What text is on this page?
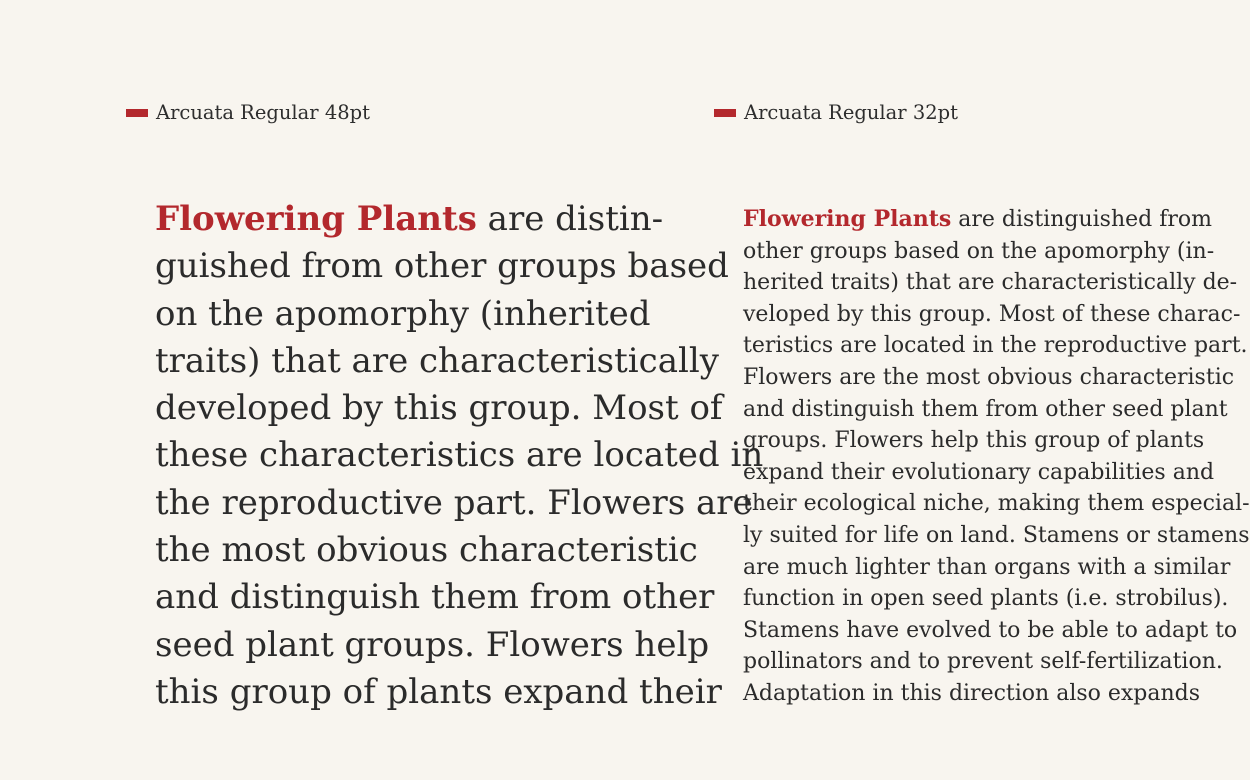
Arcuata Regular 48pt	Arcuata Regular 32pt
Flowering Plants are distin-
guished from other groups based
on the apomorphy (inherited
traits) that are characteristically
developed by this group. Most of
these characteristics are located in
the reproductive part. Flowers are
the most obvious characteristic
and distinguish them from other
seed plant groups. Flowers help
this group of plants expand their
Flowering Plants are distinguished from
other groups based on the apomorphy (in-
herited traits) that are characteristically de-
veloped by this group. Most of these charac-
teristics are located in the reproductive part.
Flowers are the most obvious characteristic
and distinguish them from other seed plant
groups. Flowers help this group of plants
expand their evolutionary capabilities and
their ecological niche, making them especial-
ly suited for life on land. Stamens or stamens
are much lighter than organs with a similar
function in open seed plants (i.e. strobilus).
Stamens have evolved to be able to adapt to
pollinators and to prevent self-fertilization.
Adaptation in this direction also expands
